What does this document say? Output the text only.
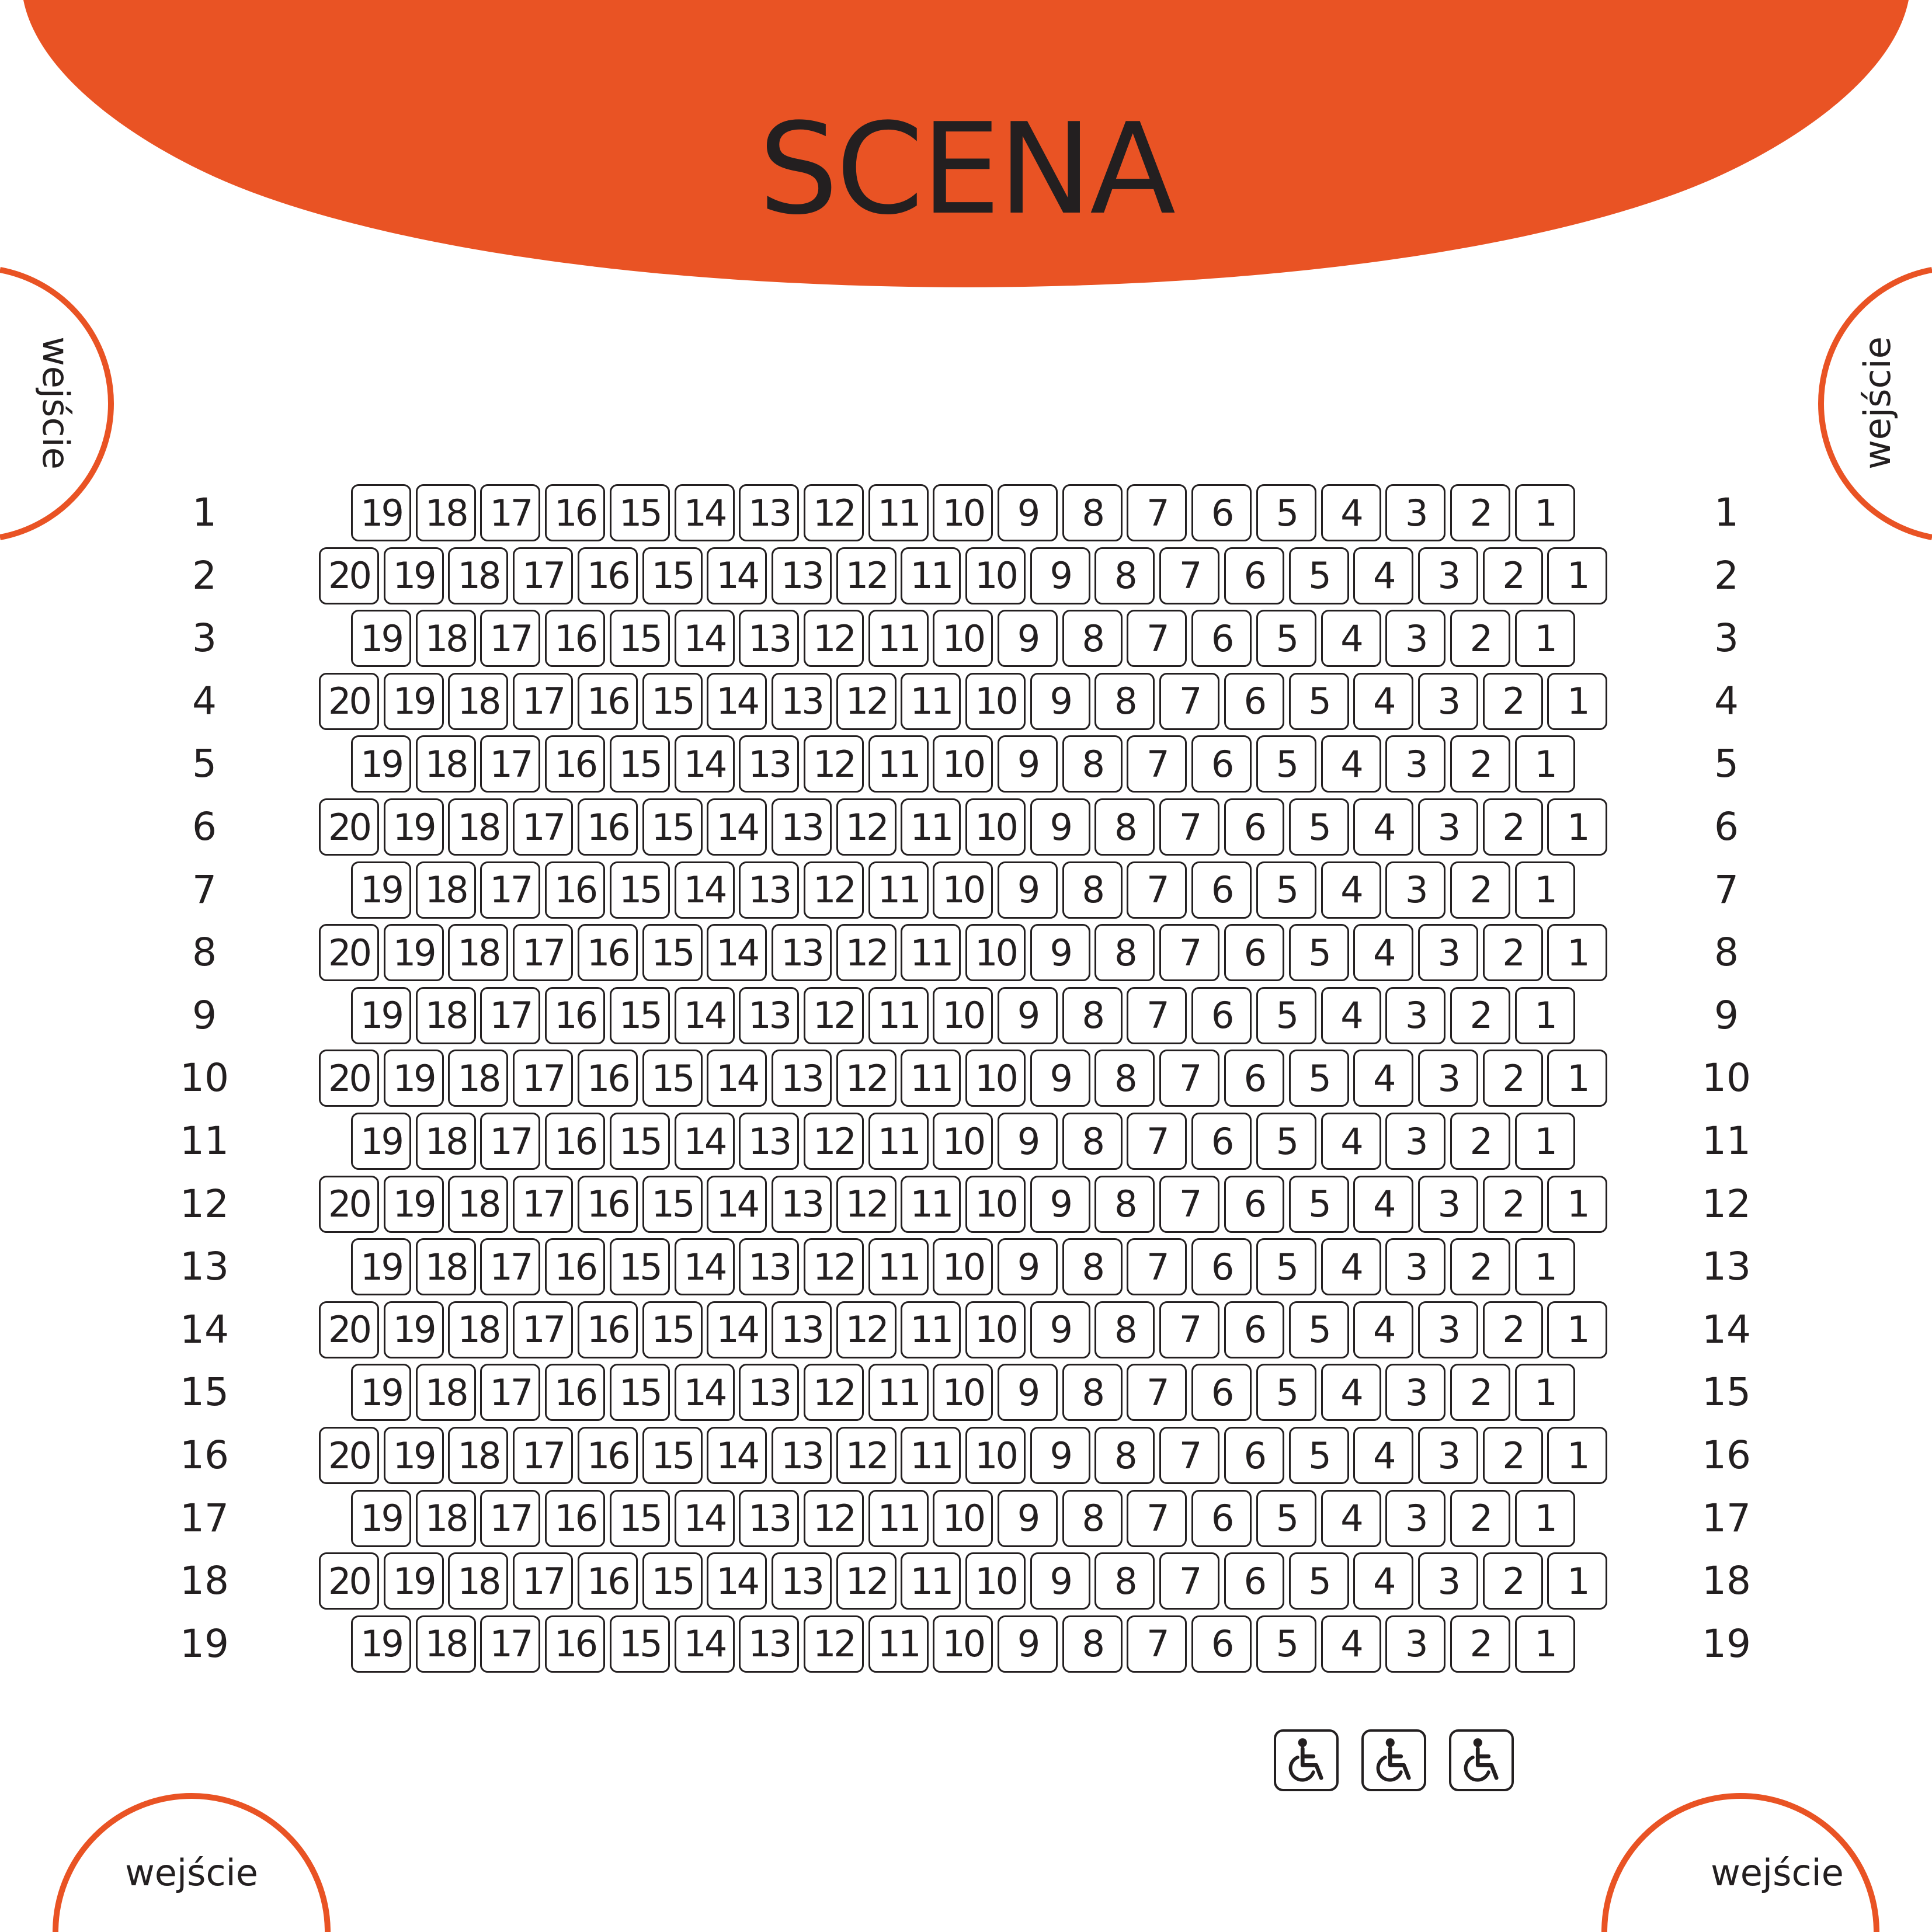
SCENA
wejście	wejście
wejście	wejście
1	1
19 18 17 16 15 14 13 12 11 10 9	8	7	6	5	4	3	2	1
2	2
20 19 18 17 16 15 14 13 12 11 10 9	8	7	6	5	4	3	2	1
3	3
19 18 17 16 15 14 13 12 11 10 9	8	7	6	5	4	3	2	1
4	4
20 19 18 17 16 15 14 13 12 11 10 9	8	7	6	5	4	3	2	1
5	5
19 18 17 16 15 14 13 12 11 10 9	8	7	6	5	4	3	2	1
6	6
20 19 18 17 16 15 14 13 12 11 10 9	8	7	6	5	4	3	2	1
7	7
19 18 17 16 15 14 13 12 11 10 9	8	7	6	5	4	3	2	1
8	8
20 19 18 17 16 15 14 13 12 11 10 9	8	7	6	5	4	3	2	1
9	9
19 18 17 16 15 14 13 12 11 10 9	8	7	6	5	4	3	2	1
10	10
20 19 18 17 16 15 14 13 12 11 10 9	8	7	6	5	4	3	2	1
11	11
19 18 17 16 15 14 13 12 11 10 9	8	7	6	5	4	3	2	1
12	12
20 19 18 17 16 15 14 13 12 11 10 9	8	7	6	5	4	3	2	1
13	13
19 18 17 16 15 14 13 12 11 10 9	8	7	6	5	4	3	2	1
14	14
20 19 18 17 16 15 14 13 12 11 10 9	8	7	6	5	4	3	2	1
15	15
19 18 17 16 15 14 13 12 11 10 9	8	7	6	5	4	3	2	1
16	16
20 19 18 17 16 15 14 13 12 11 10 9	8	7	6	5	4	3	2	1
17	17
19 18 17 16 15 14 13 12 11 10 9	8	7	6	5	4	3	2	1
18	18
20 19 18 17 16 15 14 13 12 11 10 9	8	7	6	5	4	3	2	1
19	19
19 18 17 16 15 14 13 12 11 10 9	8	7	6	5	4	3	2	1
